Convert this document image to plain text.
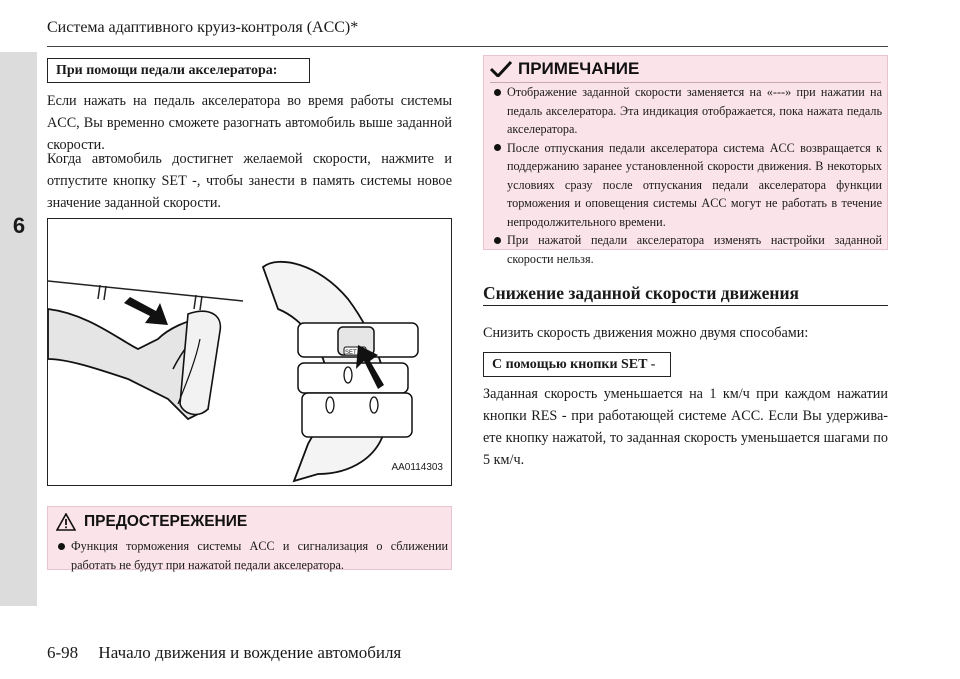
6
Система адаптивного круиз-контроля (ACC)*
При помощи педали акселератора:

Если нажать на педаль акселератора во время работы системы ACC, Вы временно сможете разогнать автомобиль выше заданной скорости.

Когда автомобиль достигнет желаемой скорости, нажмите и отпустите кнопку SET -, чтобы занести в память системы новое значение заданной скорости.

SET
AA0114303
ПРЕДОСТЕРЕЖЕНИЕ
Функция торможения системы ACC и сигнализация о сближении работать не будут при нажатой педали акселератора.
ПРИМЕЧАНИЕ
Отображение заданной скорости заменяется на «---» при нажатии на педаль акселератора. Эта индикация отображается, пока нажата педаль акселератора.
После отпускания педали акселератора система ACC возвращается к поддержанию заранее установленной скорости движения. В некоторых условиях сразу после отпускания педали акселератора функции торможения и оповещения системы ACC могут не работать в течение непродолжительного времени.
При нажатой педали акселератора изменять настройки заданной скорости нельзя.
Снижение заданной скорости движения

Снизить скорость движения можно двумя способами:

С помощью кнопки SET -

Заданная скорость уменьшается на 1 км/ч при каждом нажатии кнопки RES - при работающей системе ACC. Если Вы удерживаете кнопку нажатой, то заданная скорость уменьшается шагами по 5 км/ч.

6-98 Начало движения и вождение автомобиля
